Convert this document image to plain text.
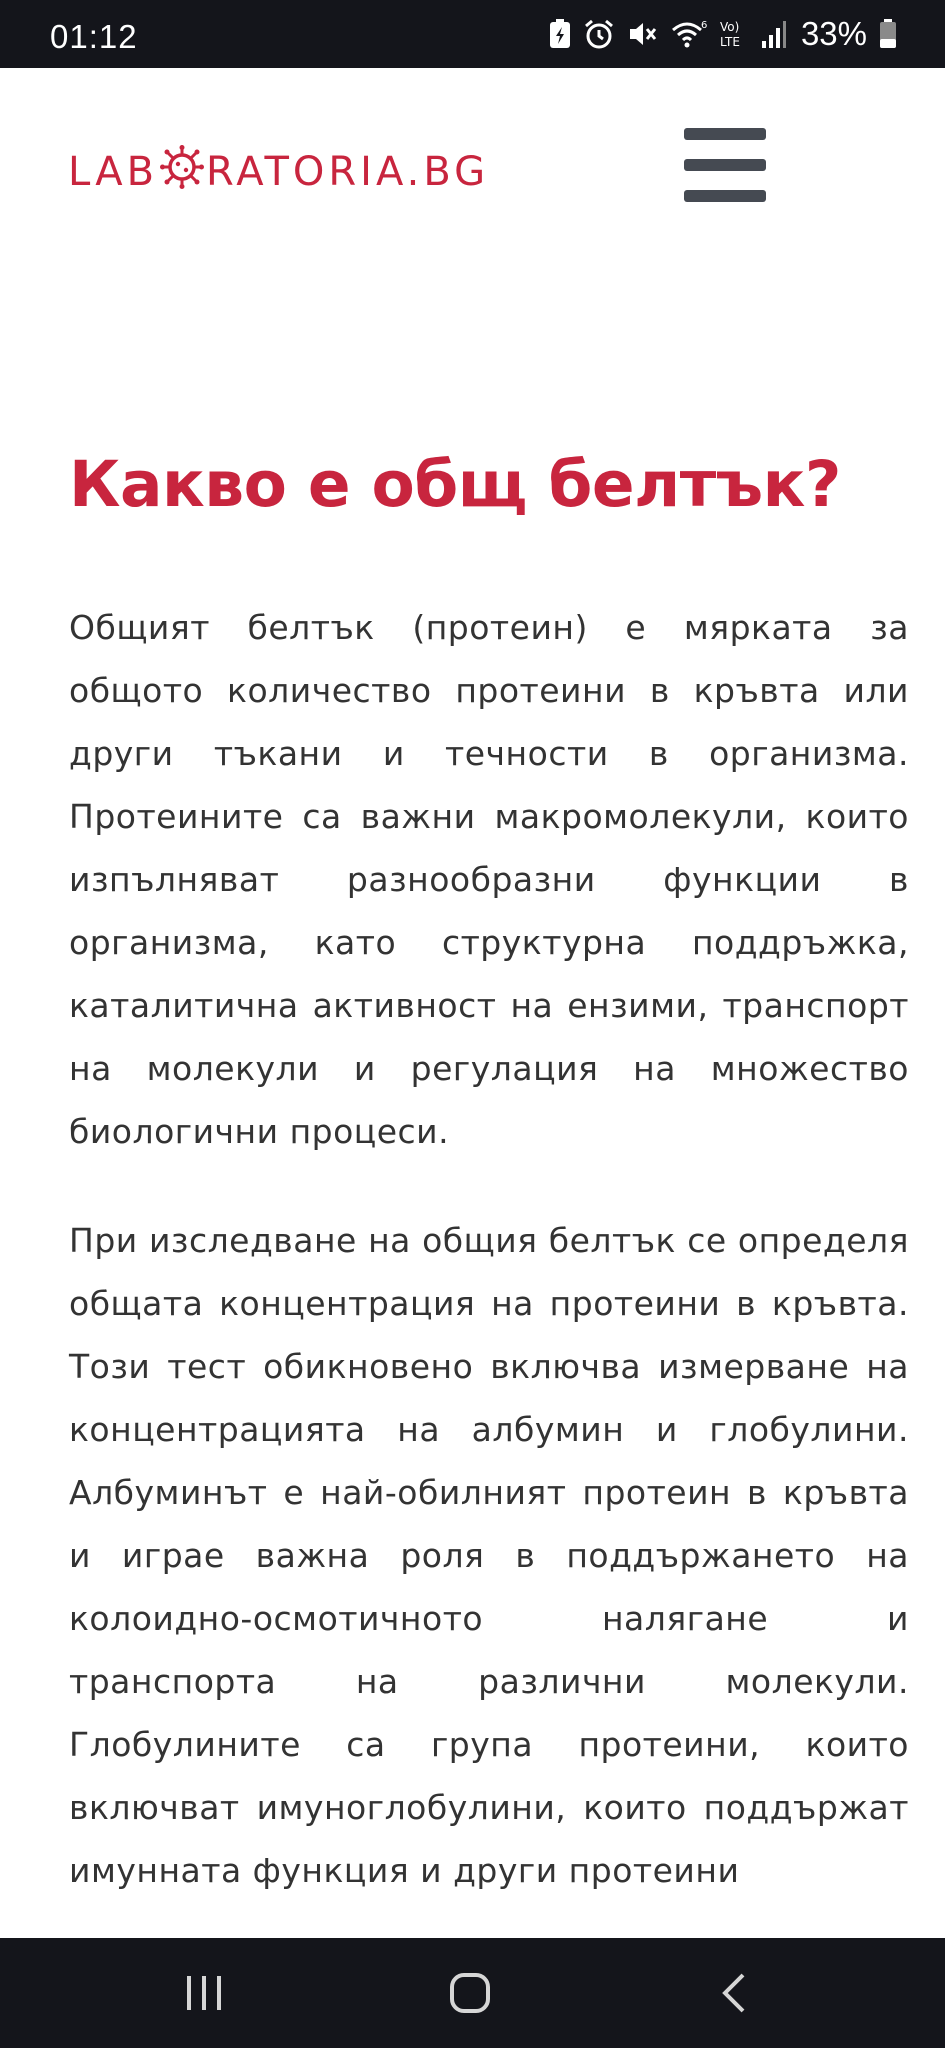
01:12	6 Vo)
LTE 33%
LAB RATORIA.BG
Какво е общ белтък?

Общият белтък (протеин) е мярката за общото количество протеини в кръвта или други тъкани и течности в организма. Протеините са важни макромолекули, които изпълняват разнообразни функции в организма, като структурна поддръжка, каталитична активност на ензими, транспорт на молекули и регулация на множество биологични процеси.

При изследване на общия белтък се определя общата концентрация на протеини в кръвта. Този тест обикновено включва измерване на концентрацията на албумин и глобулини. Албуминът е най-обилният протеин в кръвта и играе важна роля в поддържането на колоидно-осмотичното налягане и транспорта на различни молекули. Глобулините са група протеини, които включват имуноглобулини, които поддържат имунната функция и други протеини
